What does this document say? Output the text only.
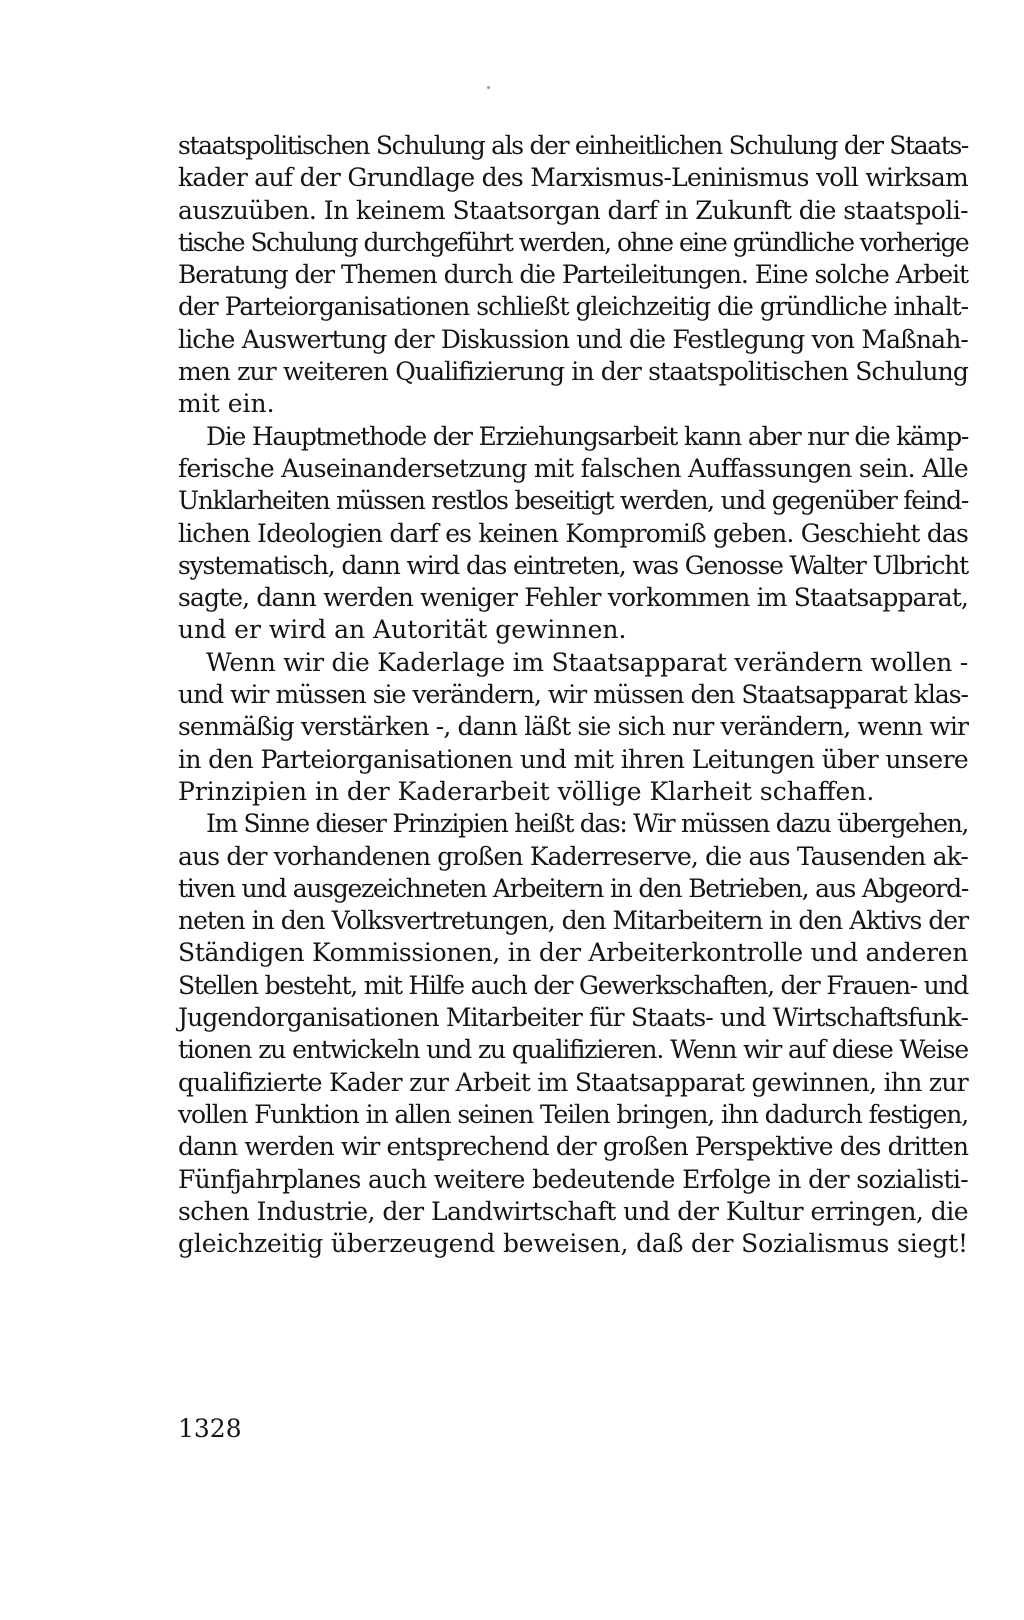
staatspolitischen Schulung als der einheitlichen Schulung der Staats-
kader auf der Grundlage des Marxismus-Leninismus voll wirksam
auszuüben. In keinem Staatsorgan darf in Zukunft die staatspoli-
tische Schulung durchgeführt werden, ohne eine gründliche vorherige
Beratung der Themen durch die Parteileitungen. Eine solche Arbeit
der Parteiorganisationen schließt gleichzeitig die gründliche inhalt-
liche Auswertung der Diskussion und die Festlegung von Maßnah-
men zur weiteren Qualifizierung in der staatspolitischen Schulung
mit ein.
Die Hauptmethode der Erziehungsarbeit kann aber nur die kämp-
ferische Auseinandersetzung mit falschen Auffassungen sein. Alle
Unklarheiten müssen restlos beseitigt werden, und gegenüber feind-
lichen Ideologien darf es keinen Kompromiß geben. Geschieht das
systematisch, dann wird das eintreten, was Genosse Walter Ulbricht
sagte, dann werden weniger Fehler vorkommen im Staatsapparat,
und er wird an Autorität gewinnen.
Wenn wir die Kaderlage im Staatsapparat verändern wollen -
und wir müssen sie verändern, wir müssen den Staatsapparat klas-
senmäßig verstärken -, dann läßt sie sich nur verändern, wenn wir
in den Parteiorganisationen und mit ihren Leitungen über unsere
Prinzipien in der Kaderarbeit völlige Klarheit schaffen.
Im Sinne dieser Prinzipien heißt das: Wir müssen dazu übergehen,
aus der vorhandenen großen Kaderreserve, die aus Tausenden ak-
tiven und ausgezeichneten Arbeitern in den Betrieben, aus Abgeord-
neten in den Volksvertretungen, den Mitarbeitern in den Aktivs der
Ständigen Kommissionen, in der Arbeiterkontrolle und anderen
Stellen besteht, mit Hilfe auch der Gewerkschaften, der Frauen- und
Jugendorganisationen Mitarbeiter für Staats- und Wirtschaftsfunk-
tionen zu entwickeln und zu qualifizieren. Wenn wir auf diese Weise
qualifizierte Kader zur Arbeit im Staatsapparat gewinnen, ihn zur
vollen Funktion in allen seinen Teilen bringen, ihn dadurch festigen,
dann werden wir entsprechend der großen Perspektive des dritten
Fünfjahrplanes auch weitere bedeutende Erfolge in der sozialisti-
schen Industrie, der Landwirtschaft und der Kultur erringen, die
gleichzeitig überzeugend beweisen, daß der Sozialismus siegt!
1328
